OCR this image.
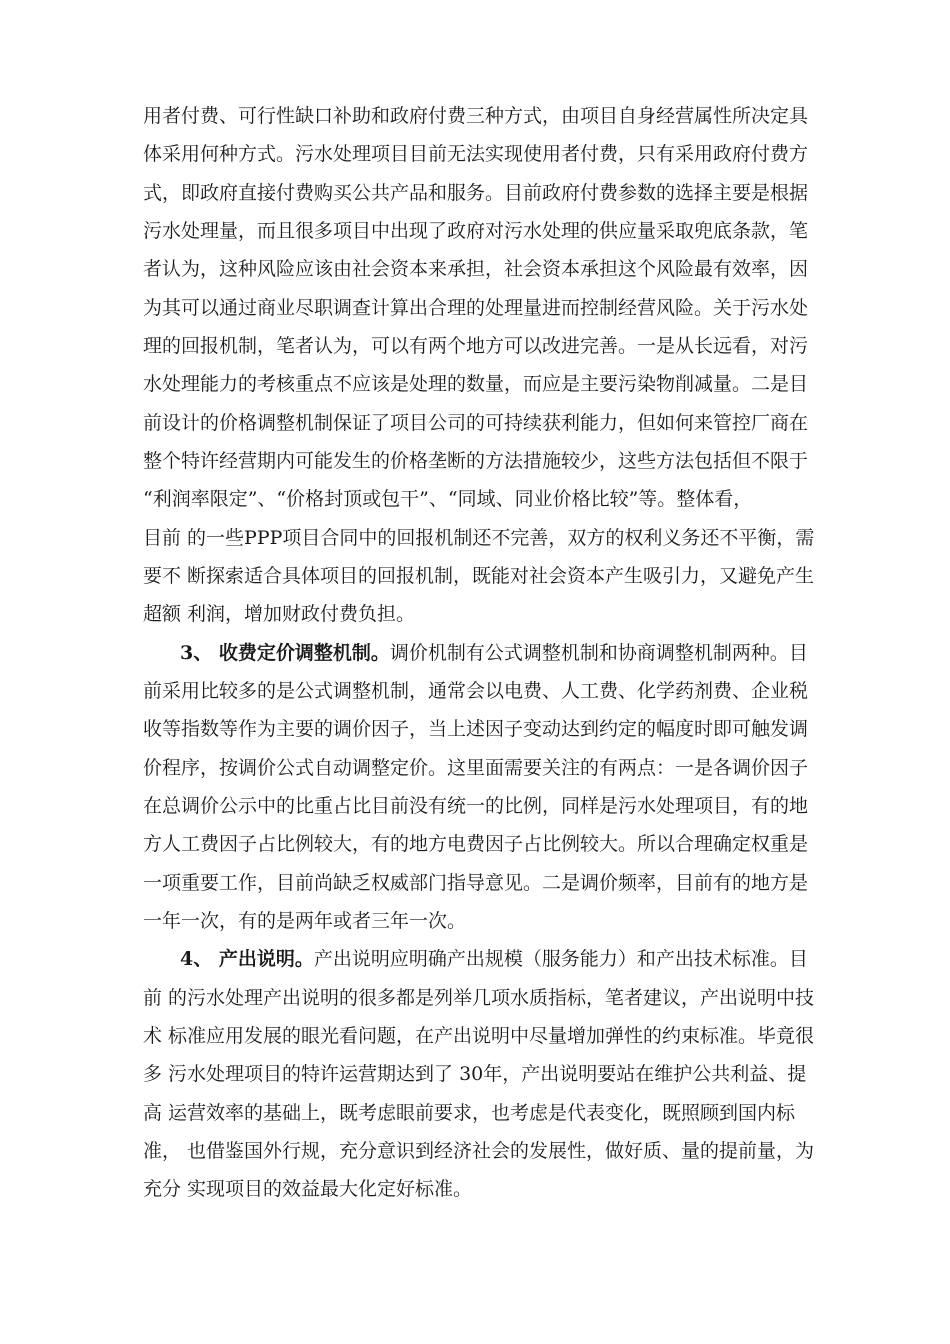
用者付费、可行性缺口补助和政府付费三种方式，由项目自身经营属性所决定具
体采用何种方式。污水处理项目目前无法实现使用者付费，只有采用政府付费方
式，即政府直接付费购买公共产品和服务。目前政府付费参数的选择主要是根据
污水处理量，而且很多项目中出现了政府对污水处理的供应量采取兜底条款，笔
者认为，这种风险应该由社会资本来承担，社会资本承担这个风险最有效率，因
为其可以通过商业尽职调查计算出合理的处理量进而控制经营风险。关于污水处
理的回报机制，笔者认为，可以有两个地方可以改进完善。一是从长远看，对污
水处理能力的考核重点不应该是处理的数量，而应是主要污染物削减量。二是目
前设计的价格调整机制保证了项目公司的可持续获利能力，但如何来管控厂商在
整个特许经营期内可能发生的价格垄断的方法措施较少，这些方法包括但不限于
“利润率限定”、“价格封顶或包干”、“同域、同业价格比较”等。整体看，
目前 的一些PPP项目合同中的回报机制还不完善，双方的权利义务还不平衡，需
要不 断探索适合具体项目的回报机制，既能对社会资本产生吸引力，又避免产生
超额 利润，增加财政付费负担。
3、 收费定价调整机制。调价机制有公式调整机制和协商调整机制两种。目
前采用比较多的是公式调整机制，通常会以电费、人工费、化学药剂费、企业税
收等指数等作为主要的调价因子，当上述因子变动达到约定的幅度时即可触发调
价程序，按调价公式自动调整定价。这里面需要关注的有两点：一是各调价因子
在总调价公示中的比重占比目前没有统一的比例，同样是污水处理项目，有的地
方人工费因子占比例较大，有的地方电费因子占比例较大。所以合理确定权重是
一项重要工作，目前尚缺乏权威部门指导意见。二是调价频率，目前有的地方是
一年一次，有的是两年或者三年一次。
4、 产出说明。产出说明应明确产出规模（服务能力）和产出技术标准。目
前 的污水处理产出说明的很多都是列举几项水质指标，笔者建议，产出说明中技
术 标准应用发展的眼光看问题，在产出说明中尽量增加弹性的约束标准。毕竟很
多 污水处理项目的特许运营期达到了 30年，产出说明要站在维护公共利益、提
高 运营效率的基础上，既考虑眼前要求，也考虑是代表变化，既照顾到国内标
准， 也借鉴国外行规，充分意识到经济社会的发展性，做好质、量的提前量，为
充分 实现项目的效益最大化定好标准。
